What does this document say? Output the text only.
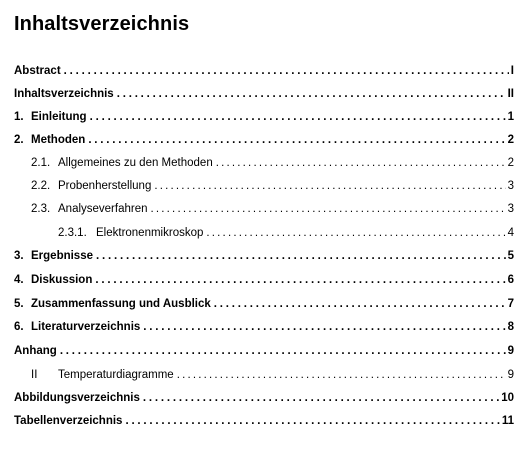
Inhaltsverzeichnis
Abstract . . .	I
Inhaltsverzeichnis . . .	II
1. Einleitung . . .	1
2. Methoden . . .	2
2.1. Allgemeines zu den Methoden . . .	2
2.2. Probenherstellung . . .	3
2.3. Analyseverfahren . . .	3
2.3.1. Elektronenmikroskop . . .	4
3. Ergebnisse . . .	5
4. Diskussion . . .	6
5. Zusammenfassung und Ausblick . . .	7
6. Literaturverzeichnis . . .	8
Anhang . . .	9
II	Temperaturdiagramme . . .	9
Abbildungsverzeichnis . . .	10
Tabellenverzeichnis . . .	11
